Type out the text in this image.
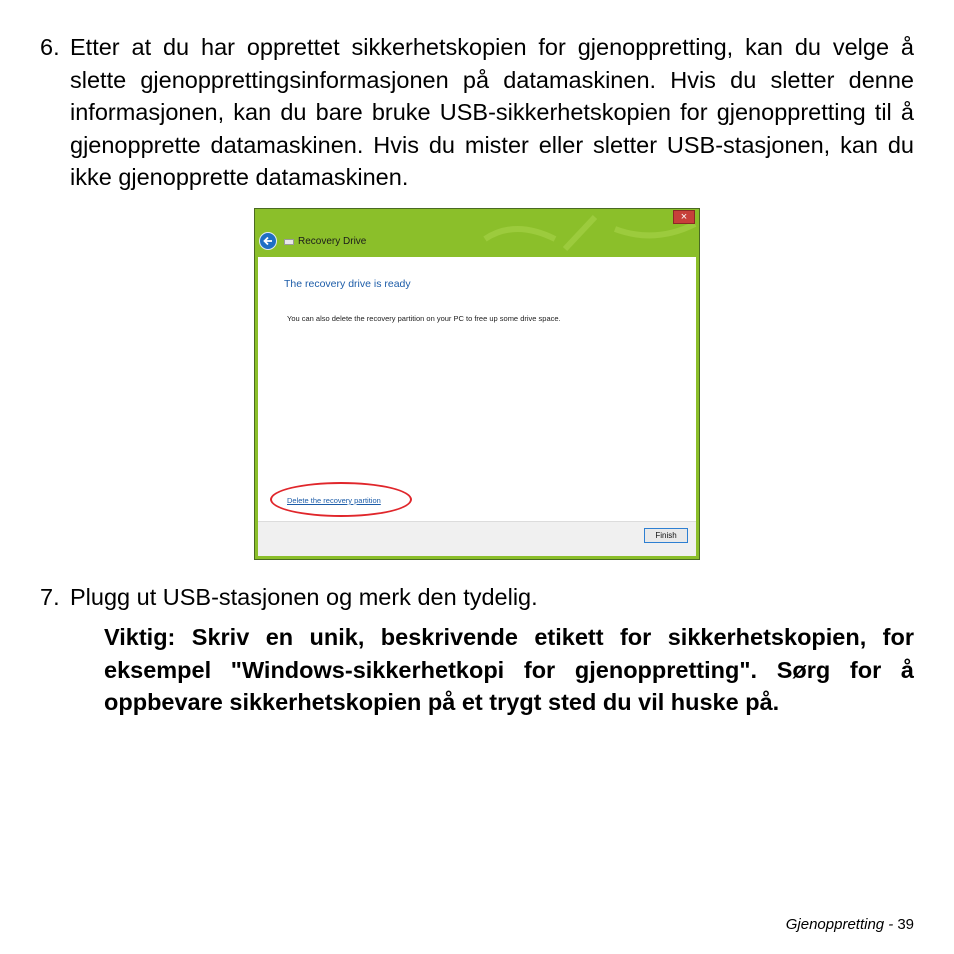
6. Etter at du har opprettet sikkerhetskopien for gjenoppretting, kan du velge å slette gjenopprettingsinformasjonen på datamaskinen. Hvis du sletter denne informasjonen, kan du bare bruke USB-sikkerhetskopien for gjenoppretting til å gjenopprette datamaskinen. Hvis du mister eller sletter USB-stasjonen, kan du ikke gjenopprette datamaskinen.
×
Recovery Drive
The recovery drive is ready
You can also delete the recovery partition on your PC to free up some drive space.
Delete the recovery partition
Finish
7. Plugg ut USB-stasjonen og merk den tydelig.
Viktig: Skriv en unik, beskrivende etikett for sikkerhetskopien, for eksempel "Windows-sikkerhetkopi for gjenoppretting". Sørg for å oppbevare sikkerhetskopien på et trygt sted du vil huske på.
Gjenoppretting - 39
